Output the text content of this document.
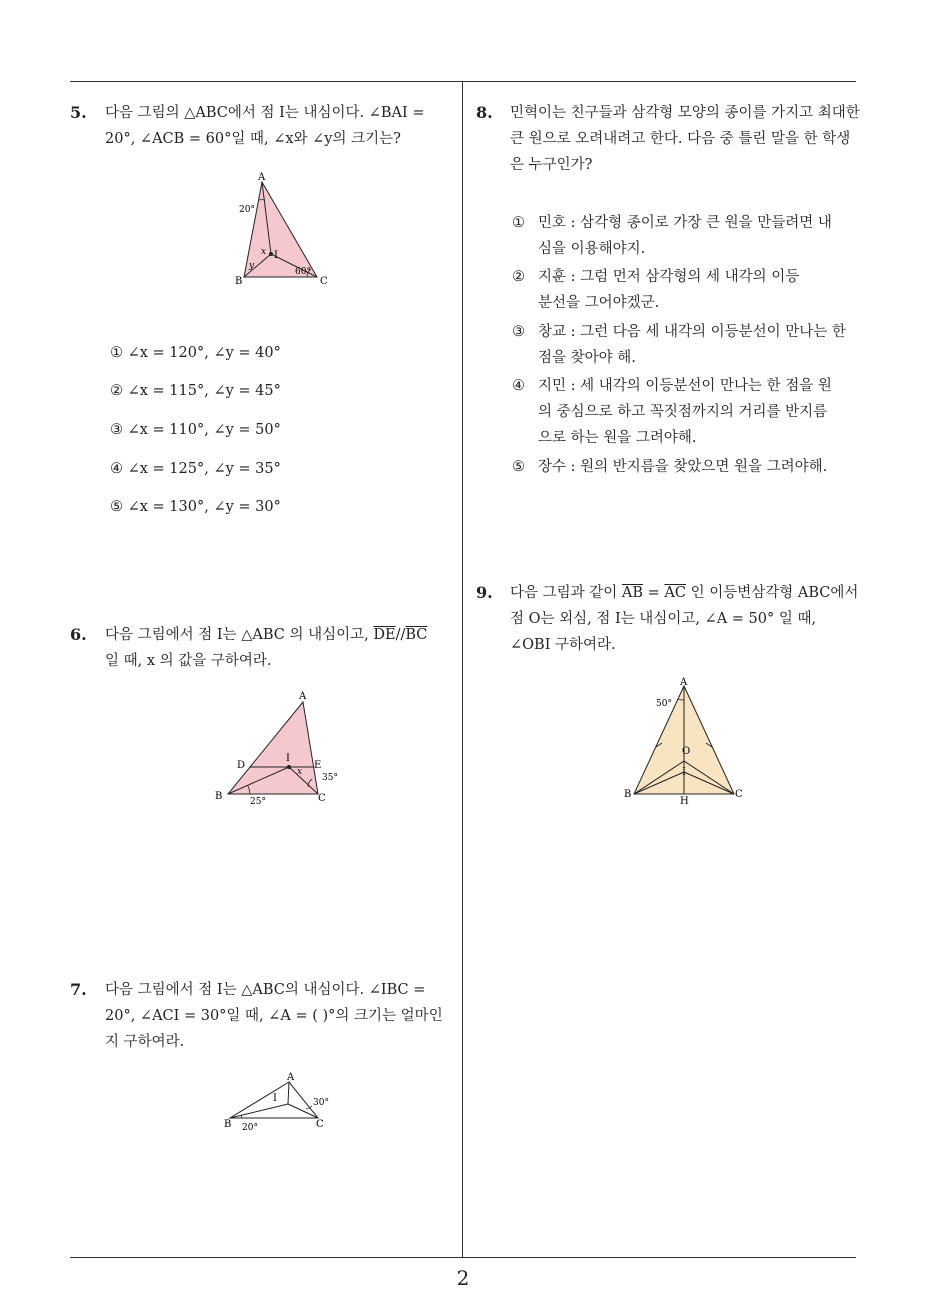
2
5. 다음 그림의 △ABC에서 점 I는 내심이다. ∠BAI = 20°, ∠ACB = 60°일 때, ∠x와 ∠y의 크기는?
A
B	C
I
x
y
20°
60°
① ∠x = 120°, ∠y = 40°
② ∠x = 115°, ∠y = 45°
③ ∠x = 110°, ∠y = 50°
④ ∠x = 125°, ∠y = 35°
⑤ ∠x = 130°, ∠y = 30°
6. 다음 그림에서 점 I는 △ABC 의 내심이고, $\overline{DE}//\overline{BC}$
일 때, x 의 값을 구하여라.
A
B	C
D	E
I
x
25°
35°
7. 다음 그림에서 점 I는 △ABC의 내심이다. ∠IBC = 20°, ∠ACI = 30°일 때, ∠A = ( )°의 크기는 얼마인지 구하여라.
A
B	C
I
20°
30°
8. 민혁이는 친구들과 삼각형 모양의 종이를 가지고 최대한 큰 원으로 오려내려고 한다. 다음 중 틀린 말을 한 학생은 누구인가?
① 민호 : 삼각형 종이로 가장 큰 원을 만들려면 내심을 이용해야지.
② 지훈 : 그럼 먼저 삼각형의 세 내각의 이등분선을 그어야겠군.
③ 창교 : 그런 다음 세 내각의 이등분선이 만나는 한 점을 찾아야 해.
④ 지민 : 세 내각의 이등분선이 만나는 한 점을 원의 중심으로 하고 꼭짓점까지의 거리를 반지름으로 하는 원을 그려야해.
⑤ 장수 : 원의 반지름을 찾았으면 원을 그려야해.
9. 다음 그림과 같이 $\overline{AB} = \overline{AC}$ 인 이등변삼각형 ABC에서 점 O는 외심, 점 I는 내심이고, ∠A = 50° 일 때, ∠OBI 구하여라.
A
B	C
O
I
H
50°
